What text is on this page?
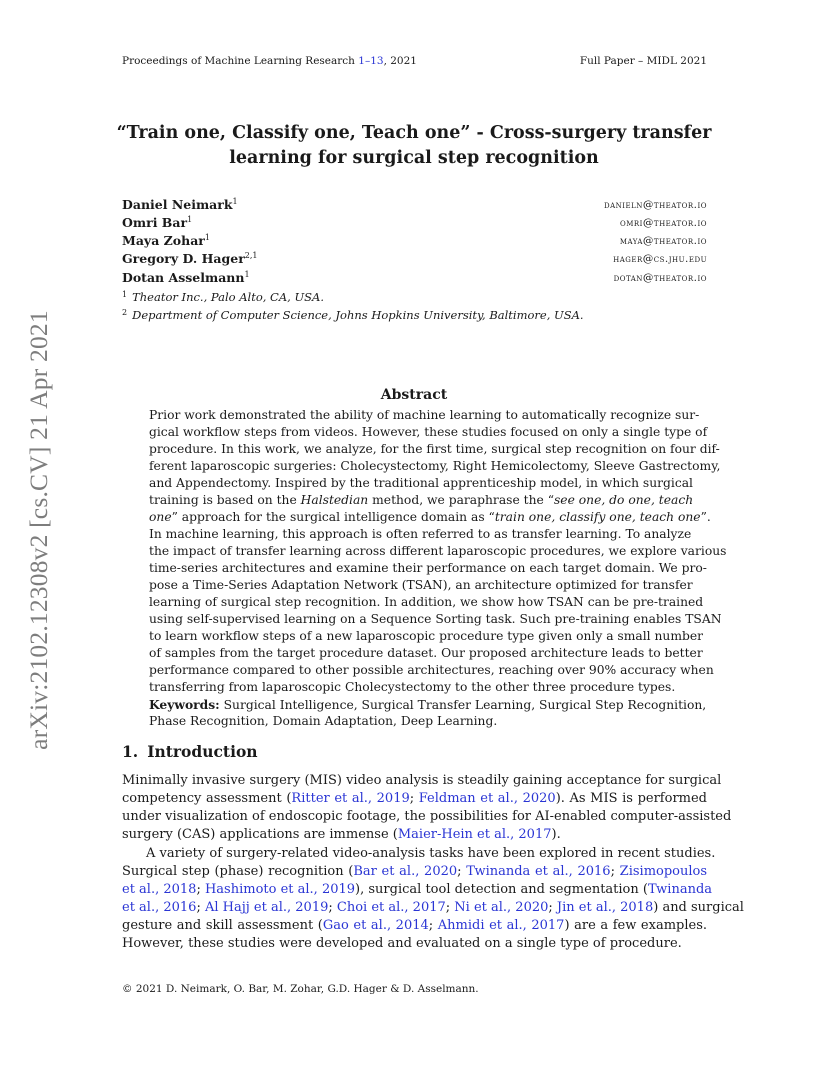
arXiv:2102.12308v2 [cs.CV] 21 Apr 2021
Proceedings of Machine Learning Research 1–13, 2021	Full Paper – MIDL 2021
“Train one, Classify one, Teach one” - Cross-surgery transfer
learning for surgical step recognition
Daniel Neimark$^1$	danieln@theator.io
Omri Bar$^1$	omri@theator.io
Maya Zohar$^1$	maya@theator.io
Gregory D. Hager$^{2,1}$	hager@cs.jhu.edu
Dotan Asselmann$^1$	dotan@theator.io
$^1$ Theator Inc., Palo Alto, CA, USA.
$^2$ Department of Computer Science, Johns Hopkins University, Baltimore, USA.
Abstract
Prior work demonstrated the ability of machine learning to automatically recognize sur-
gical workflow steps from videos. However, these studies focused on only a single type of
procedure. In this work, we analyze, for the first time, surgical step recognition on four dif-
ferent laparoscopic surgeries: Cholecystectomy, Right Hemicolectomy, Sleeve Gastrectomy,
and Appendectomy. Inspired by the traditional apprenticeship model, in which surgical
training is based on the Halstedian method, we paraphrase the “see one, do one, teach
one” approach for the surgical intelligence domain as “train one, classify one, teach one”.
In machine learning, this approach is often referred to as transfer learning. To analyze
the impact of transfer learning across different laparoscopic procedures, we explore various
time-series architectures and examine their performance on each target domain. We pro-
pose a Time-Series Adaptation Network (TSAN), an architecture optimized for transfer
learning of surgical step recognition. In addition, we show how TSAN can be pre-trained
using self-supervised learning on a Sequence Sorting task. Such pre-training enables TSAN
to learn workflow steps of a new laparoscopic procedure type given only a small number
of samples from the target procedure dataset. Our proposed architecture leads to better
performance compared to other possible architectures, reaching over 90% accuracy when
transferring from laparoscopic Cholecystectomy to the other three procedure types.
Keywords: Surgical Intelligence, Surgical Transfer Learning, Surgical Step Recognition,
Phase Recognition, Domain Adaptation, Deep Learning.
1. Introduction
Minimally invasive surgery (MIS) video analysis is steadily gaining acceptance for surgical
competency assessment (Ritter et al., 2019; Feldman et al., 2020). As MIS is performed
under visualization of endoscopic footage, the possibilities for AI-enabled computer-assisted
surgery (CAS) applications are immense (Maier-Hein et al., 2017).
A variety of surgery-related video-analysis tasks have been explored in recent studies.
Surgical step (phase) recognition (Bar et al., 2020; Twinanda et al., 2016; Zisimopoulos
et al., 2018; Hashimoto et al., 2019), surgical tool detection and segmentation (Twinanda
et al., 2016; Al Hajj et al., 2019; Choi et al., 2017; Ni et al., 2020; Jin et al., 2018) and surgical
gesture and skill assessment (Gao et al., 2014; Ahmidi et al., 2017) are a few examples.
However, these studies were developed and evaluated on a single type of procedure.
© 2021 D. Neimark, O. Bar, M. Zohar, G.D. Hager & D. Asselmann.
